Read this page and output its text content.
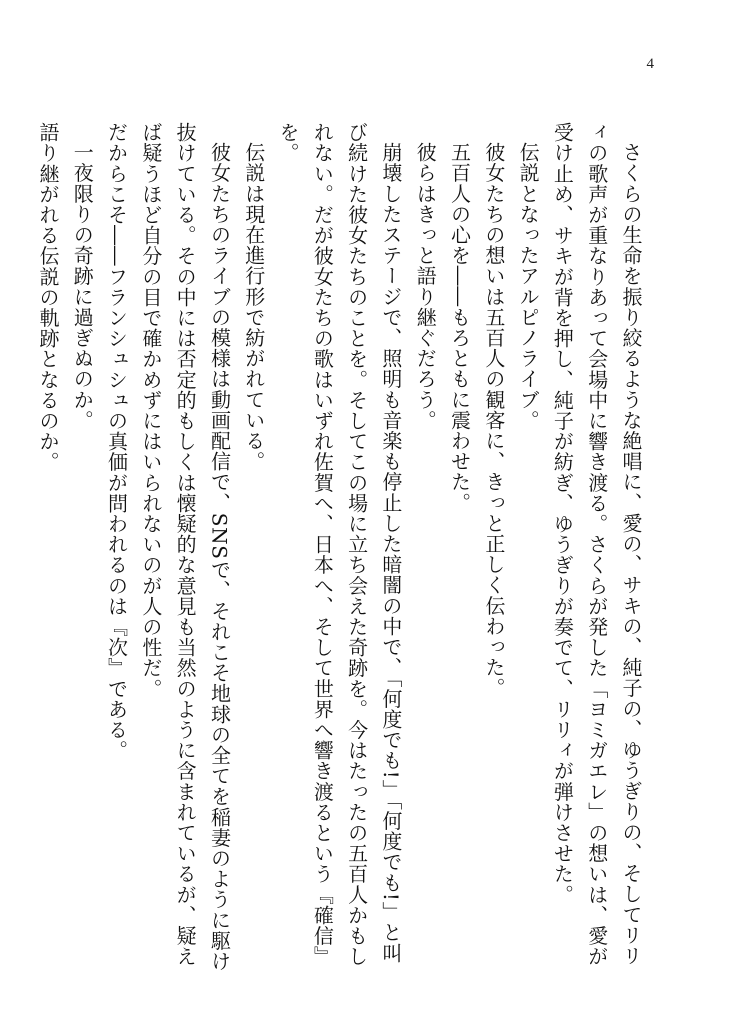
4

さくらの生命を振り絞るような絶唱に、愛の、サキの、純子の、ゆうぎりの、そしてリリィの歌声が重なりあって会場中に響き渡る。さくらが発した「ヨミガエレ」の想いは、愛が受け止め、サキが背を押し、純子が紡ぎ、ゆうぎりが奏でて、リリィが弾けさせた。

伝説となったアルピノライブ。

彼女たちの想いは五百人の観客に、きっと正しく伝わった。

五百人の心を――もろともに震わせた。

彼らはきっと語り継ぐだろう。

崩壊したステージで、照明も音楽も停止した暗闇の中で、「何度でも!」「何度でも!」と叫び続けた彼女たちのことを。そしてこの場に立ち会えた奇跡を。今はたったの五百人かもしれない。だが彼女たちの歌はいずれ佐賀へ、日本へ、そして世界へ響き渡るという『確信』を。

伝説は現在進行形で紡がれている。

彼女たちのライブの模様は動画配信で、SNSで、それこそ地球の全てを稲妻のように駆け抜けている。その中には否定的もしくは懐疑的な意見も当然のように含まれているが、疑えば疑うほど自分の目で確かめずにはいられないのが人の性だ。

だからこそ――フランシュシュの真価が問われるのは『次』である。

一夜限りの奇跡に過ぎぬのか。

語り継がれる伝説の軌跡となるのか。
